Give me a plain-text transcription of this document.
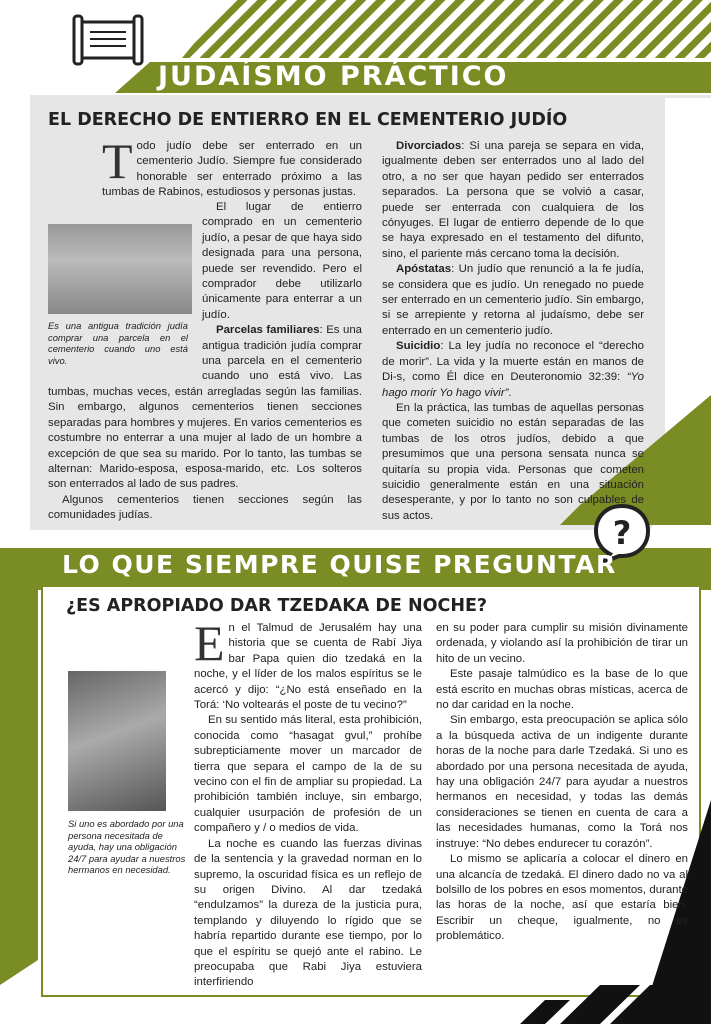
JUDAÍSMO PRÁCTICO
EL DERECHO DE ENTIERRO EN EL CEMENTERIO JUDÍO
T odo judío debe ser enterrado en un cementerio Judío. Siempre fue considerado honorable ser enterrado próximo a las tumbas de Rabinos, estudiosos y personas justas.

Es una antigua tradición judía comprar una parcela en el cementerio cuando uno está vivo.

El lugar de entierro comprado en un cementerio judío, a pesar de que haya sido designada para una persona, puede ser revendido. Pero el comprador debe utilizarlo únicamente para enterrar a un judío.

Parcelas familiares: Es una antigua tradición judía comprar una parcela en el cementerio cuando uno está vivo. Las tumbas, muchas veces, están arregladas según las familias. Sin embargo, algunos cementerios tienen secciones separadas para hombres y mujeres. En varios cementerios es costumbre no enterrar a una mujer al lado de un hombre a excepción de que sea su marido. Por lo tanto, las tumbas se alternan: Marido-esposa, esposa-marido, etc. Los solteros son enterrados al lado de sus padres.

Algunos cementerios tienen secciones según las comunidades judías.

Divorciados: Si una pareja se separa en vida, igualmente deben ser enterrados uno al lado del otro, a no ser que hayan pedido ser enterrados separados. La persona que se volvió a casar, puede ser enterrada con cualquiera de los cónyuges. El lugar de entierro depende de lo que se haya expresado en el testamento del difunto, sino, el pariente más cercano toma la decisión.

Apóstatas: Un judío que renunció a la fe judía, se considera que es judío. Un renegado no puede ser enterrado en un cementerio judío. Sin embargo, si se arrepiente y retorna al judaísmo, debe ser enterrado en un cementerio judío.

Suicidio: La ley judía no reconoce el “derecho de morir”. La vida y la muerte están en manos de Di-s, como Él dice en Deuteronomio 32:39: “Yo hago morir Yo hago vivir”.

En la práctica, las tumbas de aquellas personas que cometen suicidio no están separadas de las tumbas de los otros judíos, debido a que presumimos que una persona sensata nunca se quitaría su propia vida. Personas que cometen suicidio generalmente están en una situación desesperante, y por lo tanto no son culpables de sus actos.	?
LO QUE SIEMPRE QUISE PREGUNTAR
¿ES APROPIADO DAR TZEDAKA DE NOCHE?
Si uno es abordado por una persona necesitada de ayuda, hay una obligación 24/7 para ayudar a nuestros hermanos en necesidad.
E n el Talmud de Jerusalém hay una historia que se cuenta de Rabí Jiya bar Papa quien dio tzedaká en la noche, y el líder de los malos espíritus se le acercó y dijo: “¿No está enseñado en la Torá: ‘No voltearás el poste de tu vecino?”

En su sentido más literal, esta prohibición, conocida como “hasagat gvul,” prohíbe subrepticiamente mover un marcador de tierra que separa el campo de la de su vecino con el fin de ampliar su propiedad. La prohibición también incluye, sin embargo, cualquier usurpación de profesión de un compañero y / o medios de vida.

La noche es cuando las fuerzas divinas de la sentencia y la gravedad norman en lo supremo, la oscuridad física es un reflejo de su origen Divino. Al dar tzedaká “endulzamos” la dureza de la justicia pura, templando y diluyendo lo rígido que se habría repartido durante ese tiempo, por lo que el espíritu se quejó ante el rabino. Le preocupaba que Rabi Jiya estuviera interfiriendo

en su poder para cumplir su misión divinamente ordenada, y violando así la prohibición de tirar un hito de un vecino.

Este pasaje talmúdico es la base de lo que está escrito en muchas obras místicas, acerca de no dar caridad en la noche.

Sin embargo, esta preocupación se aplica sólo a la búsqueda activa de un indigente durante horas de la noche para darle Tzedaká. Si uno es abordado por una persona necesitada de ayuda, hay una obligación 24/7 para ayudar a nuestros hermanos en necesidad, y todas las demás consideraciones se tienen en cuenta de cara a las necesidades humanas, como la Torá nos instruye: “No debes endurecer tu corazón”.

Lo mismo se aplicaría a colocar el dinero en una alcancía de tzedaká. El dinero dado no va al bolsillo de los pobres en esos momentos, durante las horas de la noche, así que estaría bien. Escribir un cheque, igualmente, no es problemático.
